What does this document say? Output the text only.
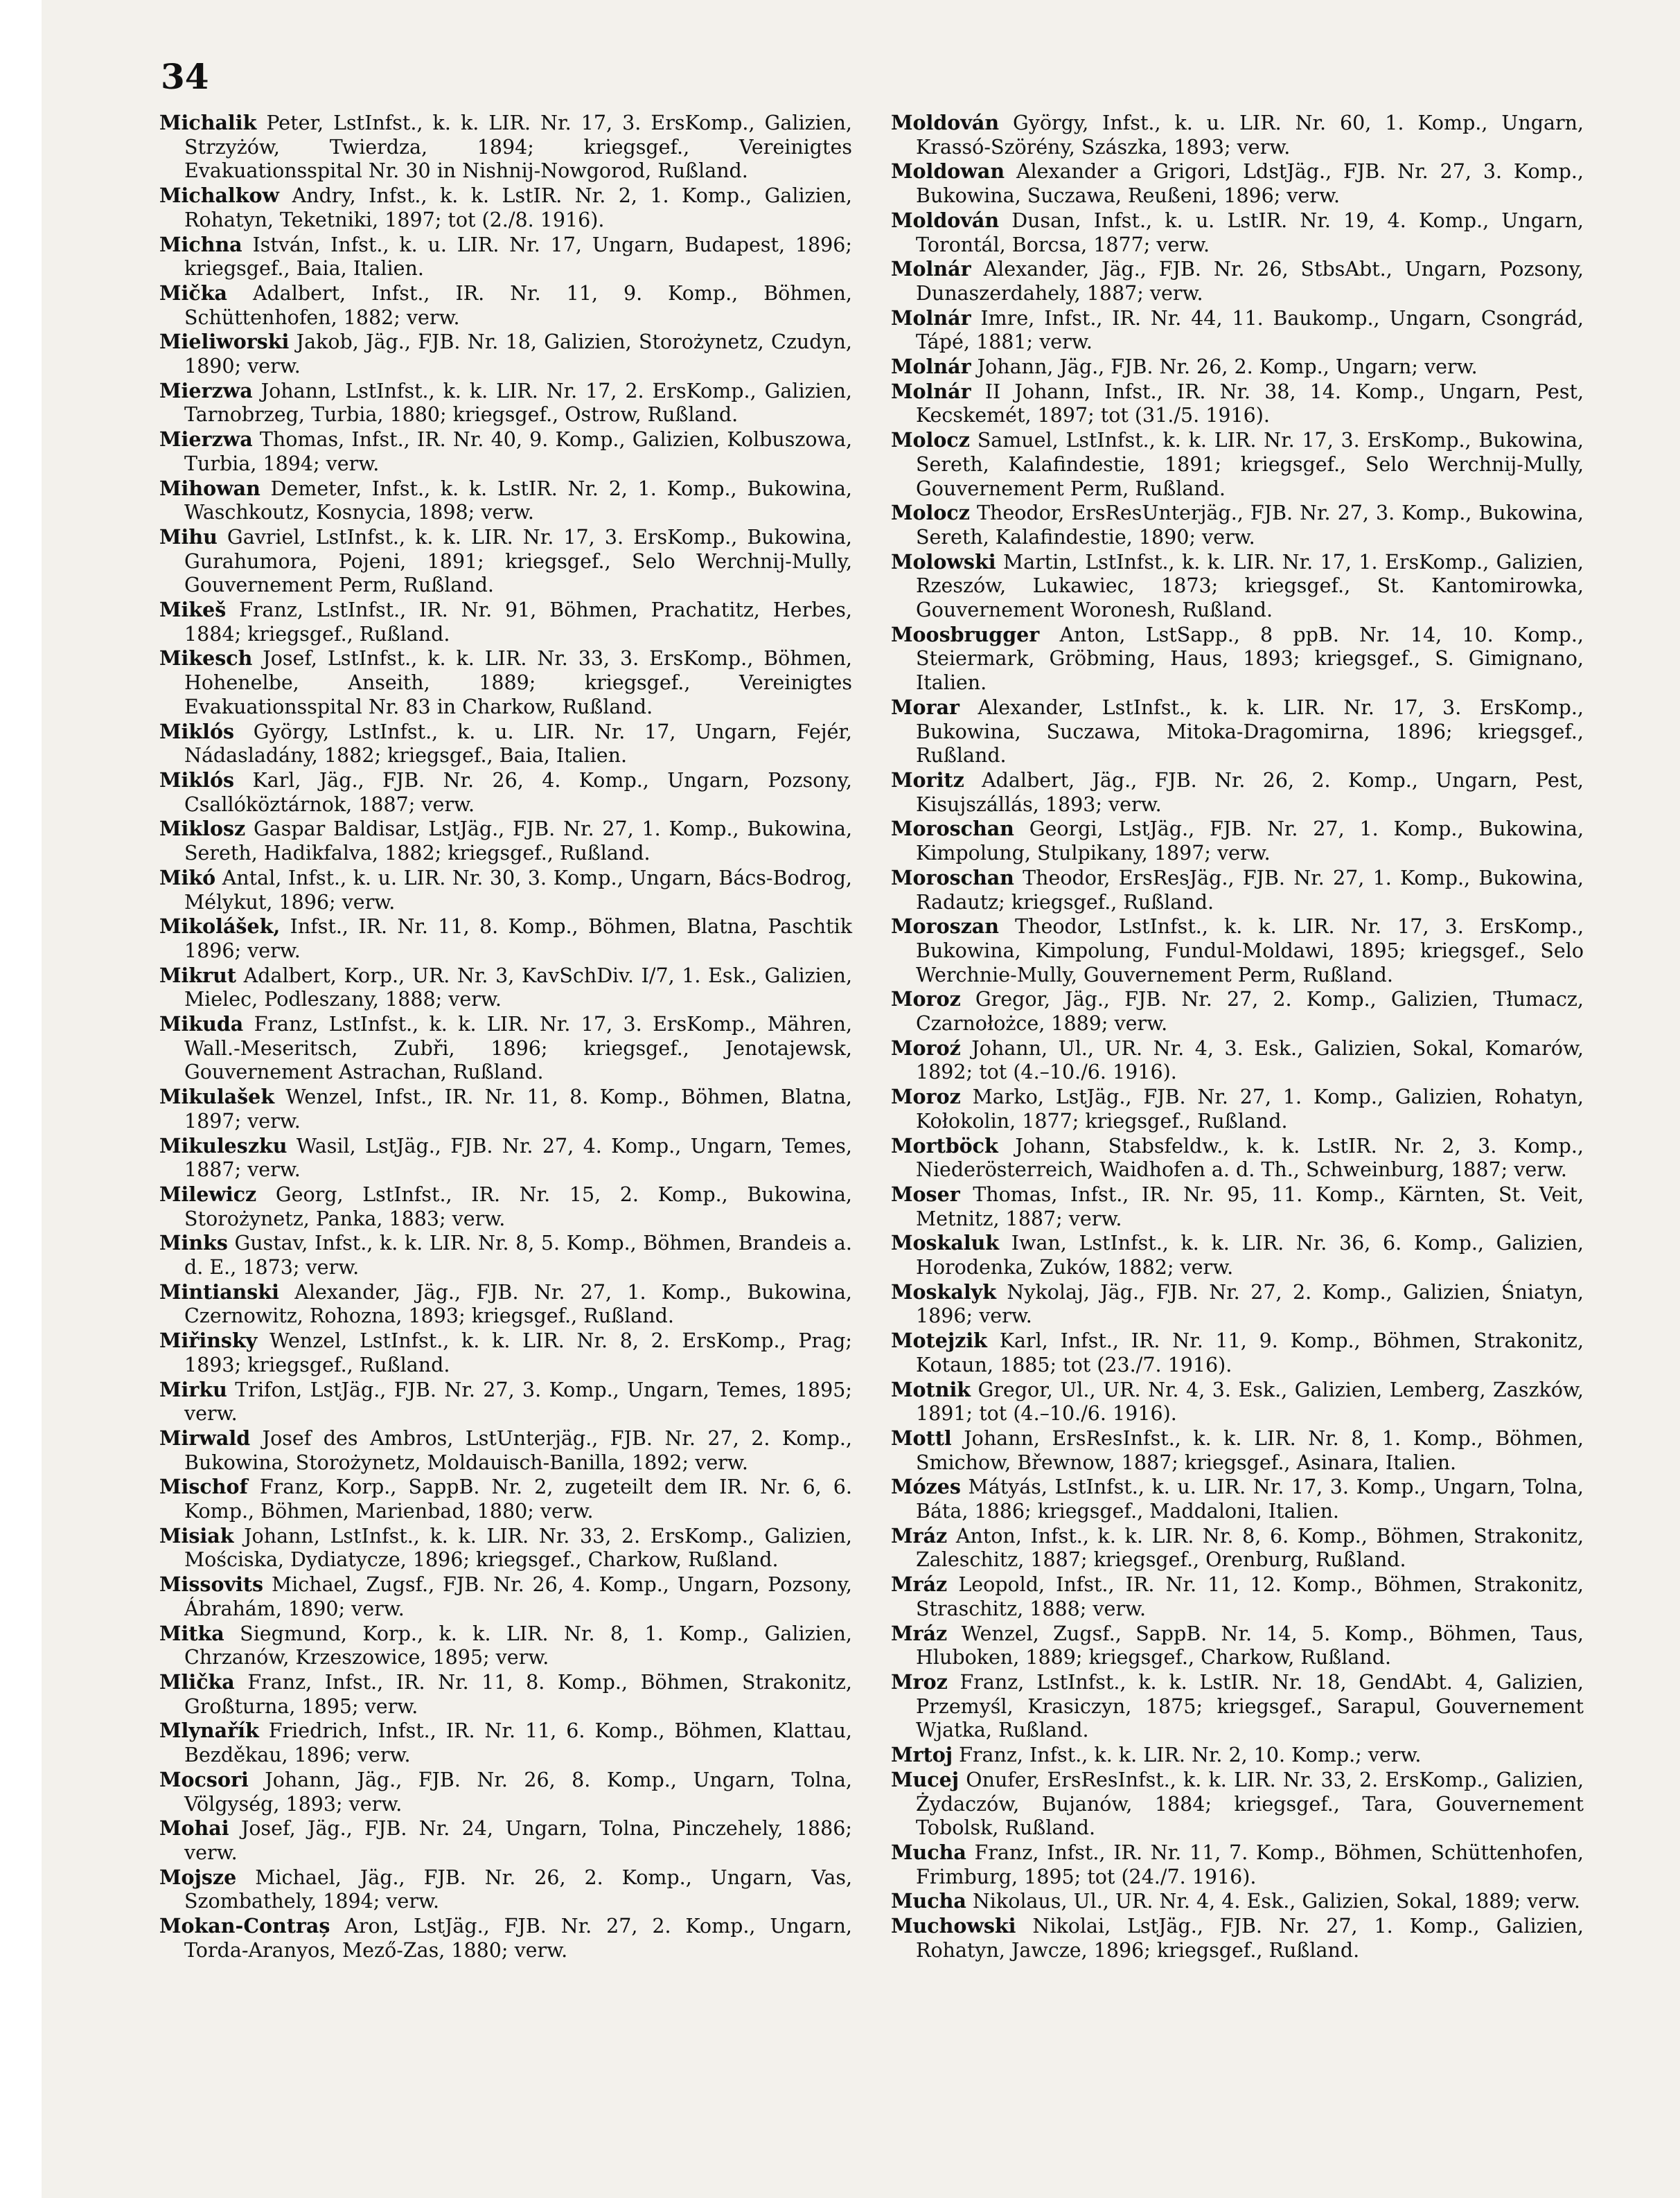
34

Michalik Peter, LstInfst., k. k. LIR. Nr. 17, 3. ErsKomp., Galizien, Strzyżów, Twierdza, 1894; kriegsgef., Vereinigtes Evakuationsspital Nr. 30 in Nishnij-Nowgorod, Rußland.

Michalkow Andry, Infst., k. k. LstIR. Nr. 2, 1. Komp., Galizien, Rohatyn, Teketniki, 1897; tot (2./8. 1916).

Michna István, Infst., k. u. LIR. Nr. 17, Ungarn, Budapest, 1896; kriegsgef., Baia, Italien.

Mička Adalbert, Infst., IR. Nr. 11, 9. Komp., Böhmen, Schüttenhofen, 1882; verw.

Mieliworski Jakob, Jäg., FJB. Nr. 18, Galizien, Storożynetz, Czudyn, 1890; verw.

Mierzwa Johann, LstInfst., k. k. LIR. Nr. 17, 2. ErsKomp., Galizien, Tarnobrzeg, Turbia, 1880; kriegsgef., Ostrow, Rußland.

Mierzwa Thomas, Infst., IR. Nr. 40, 9. Komp., Galizien, Kolbuszowa, Turbia, 1894; verw.

Mihowan Demeter, Infst., k. k. LstIR. Nr. 2, 1. Komp., Bukowina, Waschkoutz, Kosnycia, 1898; verw.

Mihu Gavriel, LstInfst., k. k. LIR. Nr. 17, 3. ErsKomp., Bukowina, Gurahumora, Pojeni, 1891; kriegsgef., Selo Werchnij-Mully, Gouvernement Perm, Rußland.

Mikeš Franz, LstInfst., IR. Nr. 91, Böhmen, Prachatitz, Herbes, 1884; kriegsgef., Rußland.

Mikesch Josef, LstInfst., k. k. LIR. Nr. 33, 3. ErsKomp., Böhmen, Hohenelbe, Anseith, 1889; kriegsgef., Vereinigtes Evakuationsspital Nr. 83 in Charkow, Rußland.

Miklós György, LstInfst., k. u. LIR. Nr. 17, Ungarn, Fejér, Nádasladány, 1882; kriegsgef., Baia, Italien.

Miklós Karl, Jäg., FJB. Nr. 26, 4. Komp., Ungarn, Pozsony, Csallóköztárnok, 1887; verw.

Miklosz Gaspar Baldisar, LstJäg., FJB. Nr. 27, 1. Komp., Bukowina, Sereth, Hadikfalva, 1882; kriegsgef., Rußland.

Mikó Antal, Infst., k. u. LIR. Nr. 30, 3. Komp., Ungarn, Bács-Bodrog, Mélykut, 1896; verw.

Mikolášek, Infst., IR. Nr. 11, 8. Komp., Böhmen, Blatna, Paschtik 1896; verw.

Mikrut Adalbert, Korp., UR. Nr. 3, KavSchDiv. I/7, 1. Esk., Galizien, Mielec, Podleszany, 1888; verw.

Mikuda Franz, LstInfst., k. k. LIR. Nr. 17, 3. ErsKomp., Mähren, Wall.-Meseritsch, Zubři, 1896; kriegsgef., Jenotajewsk, Gouvernement Astrachan, Rußland.

Mikulašek Wenzel, Infst., IR. Nr. 11, 8. Komp., Böhmen, Blatna, 1897; verw.

Mikuleszku Wasil, LstJäg., FJB. Nr. 27, 4. Komp., Ungarn, Temes, 1887; verw.

Milewicz Georg, LstInfst., IR. Nr. 15, 2. Komp., Bukowina, Storożynetz, Panka, 1883; verw.

Minks Gustav, Infst., k. k. LIR. Nr. 8, 5. Komp., Böhmen, Brandeis a. d. E., 1873; verw.

Mintianski Alexander, Jäg., FJB. Nr. 27, 1. Komp., Bukowina, Czernowitz, Rohozna, 1893; kriegsgef., Rußland.

Miřinsky Wenzel, LstInfst., k. k. LIR. Nr. 8, 2. ErsKomp., Prag; 1893; kriegsgef., Rußland.

Mirku Trifon, LstJäg., FJB. Nr. 27, 3. Komp., Ungarn, Temes, 1895; verw.

Mirwald Josef des Ambros, LstUnterjäg., FJB. Nr. 27, 2. Komp., Bukowina, Storożynetz, Moldauisch-Banilla, 1892; verw.

Mischof Franz, Korp., SappB. Nr. 2, zugeteilt dem IR. Nr. 6, 6. Komp., Böhmen, Marienbad, 1880; verw.

Misiak Johann, LstInfst., k. k. LIR. Nr. 33, 2. ErsKomp., Galizien, Mościska, Dydiatycze, 1896; kriegsgef., Charkow, Rußland.

Missovits Michael, Zugsf., FJB. Nr. 26, 4. Komp., Ungarn, Pozsony, Ábrahám, 1890; verw.

Mitka Siegmund, Korp., k. k. LIR. Nr. 8, 1. Komp., Galizien, Chrzanów, Krzeszowice, 1895; verw.

Mlička Franz, Infst., IR. Nr. 11, 8. Komp., Böhmen, Strakonitz, Großturna, 1895; verw.

Mlynařík Friedrich, Infst., IR. Nr. 11, 6. Komp., Böhmen, Klattau, Bezděkau, 1896; verw.

Mocsori Johann, Jäg., FJB. Nr. 26, 8. Komp., Ungarn, Tolna, Völgység, 1893; verw.

Mohai Josef, Jäg., FJB. Nr. 24, Ungarn, Tolna, Pinczehely, 1886; verw.

Mojsze Michael, Jäg., FJB. Nr. 26, 2. Komp., Ungarn, Vas, Szombathely, 1894; verw.

Mokan-Contraș Aron, LstJäg., FJB. Nr. 27, 2. Komp., Ungarn, Torda-Aranyos, Mező-Zas, 1880; verw.

Moldován György, Infst., k. u. LIR. Nr. 60, 1. Komp., Ungarn, Krassó-Szörény, Szászka, 1893; verw.

Moldowan Alexander a Grigori, LdstJäg., FJB. Nr. 27, 3. Komp., Bukowina, Suczawa, Reußeni, 1896; verw.

Moldován Dusan, Infst., k. u. LstIR. Nr. 19, 4. Komp., Ungarn, Torontál, Borcsa, 1877; verw.

Molnár Alexander, Jäg., FJB. Nr. 26, StbsAbt., Ungarn, Pozsony, Dunaszerdahely, 1887; verw.

Molnár Imre, Infst., IR. Nr. 44, 11. Baukomp., Ungarn, Csongrád, Tápé, 1881; verw.

Molnár Johann, Jäg., FJB. Nr. 26, 2. Komp., Ungarn; verw.

Molnár II Johann, Infst., IR. Nr. 38, 14. Komp., Ungarn, Pest, Kecskemét, 1897; tot (31./5. 1916).

Molocz Samuel, LstInfst., k. k. LIR. Nr. 17, 3. ErsKomp., Bukowina, Sereth, Kalafindestie, 1891; kriegsgef., Selo Werchnij-Mully, Gouvernement Perm, Rußland.

Molocz Theodor, ErsResUnterjäg., FJB. Nr. 27, 3. Komp., Bukowina, Sereth, Kalafindestie, 1890; verw.

Molowski Martin, LstInfst., k. k. LIR. Nr. 17, 1. ErsKomp., Galizien, Rzeszów, Lukawiec, 1873; kriegsgef., St. Kantomirowka, Gouvernement Woronesh, Rußland.

Moosbrugger Anton, LstSapp., 8 ppB. Nr. 14, 10. Komp., Steiermark, Gröbming, Haus, 1893; kriegsgef., S. Gimignano, Italien.

Morar Alexander, LstInfst., k. k. LIR. Nr. 17, 3. ErsKomp., Bukowina, Suczawa, Mitoka-Dragomirna, 1896; kriegsgef., Rußland.

Moritz Adalbert, Jäg., FJB. Nr. 26, 2. Komp., Ungarn, Pest, Kisujszállás, 1893; verw.

Moroschan Georgi, LstJäg., FJB. Nr. 27, 1. Komp., Bukowina, Kimpolung, Stulpikany, 1897; verw.

Moroschan Theodor, ErsResJäg., FJB. Nr. 27, 1. Komp., Bukowina, Radautz; kriegsgef., Rußland.

Moroszan Theodor, LstInfst., k. k. LIR. Nr. 17, 3. ErsKomp., Bukowina, Kimpolung, Fundul-Moldawi, 1895; kriegsgef., Selo Werchnie-Mully, Gouvernement Perm, Rußland.

Moroz Gregor, Jäg., FJB. Nr. 27, 2. Komp., Galizien, Tłumacz, Czarnołożce, 1889; verw.

Moroź Johann, Ul., UR. Nr. 4, 3. Esk., Galizien, Sokal, Komarów, 1892; tot (4.–10./6. 1916).

Moroz Marko, LstJäg., FJB. Nr. 27, 1. Komp., Galizien, Rohatyn, Kołokolin, 1877; kriegsgef., Rußland.

Mortböck Johann, Stabsfeldw., k. k. LstIR. Nr. 2, 3. Komp., Niederösterreich, Waidhofen a. d. Th., Schweinburg, 1887; verw.

Moser Thomas, Infst., IR. Nr. 95, 11. Komp., Kärnten, St. Veit, Metnitz, 1887; verw.

Moskaluk Iwan, LstInfst., k. k. LIR. Nr. 36, 6. Komp., Galizien, Horodenka, Zuków, 1882; verw.

Moskalyk Nykolaj, Jäg., FJB. Nr. 27, 2. Komp., Galizien, Śniatyn, 1896; verw.

Motejzik Karl, Infst., IR. Nr. 11, 9. Komp., Böhmen, Strakonitz, Kotaun, 1885; tot (23./7. 1916).

Motnik Gregor, Ul., UR. Nr. 4, 3. Esk., Galizien, Lemberg, Zaszków, 1891; tot (4.–10./6. 1916).

Mottl Johann, ErsResInfst., k. k. LIR. Nr. 8, 1. Komp., Böhmen, Smichow, Břewnow, 1887; kriegsgef., Asinara, Italien.

Mózes Mátyás, LstInfst., k. u. LIR. Nr. 17, 3. Komp., Ungarn, Tolna, Báta, 1886; kriegsgef., Maddaloni, Italien.

Mráz Anton, Infst., k. k. LIR. Nr. 8, 6. Komp., Böhmen, Strakonitz, Zaleschitz, 1887; kriegsgef., Orenburg, Rußland.

Mráz Leopold, Infst., IR. Nr. 11, 12. Komp., Böhmen, Strakonitz, Straschitz, 1888; verw.

Mráz Wenzel, Zugsf., SappB. Nr. 14, 5. Komp., Böhmen, Taus, Hluboken, 1889; kriegsgef., Charkow, Rußland.

Mroz Franz, LstInfst., k. k. LstIR. Nr. 18, GendAbt. 4, Galizien, Przemyśl, Krasiczyn, 1875; kriegsgef., Sarapul, Gouvernement Wjatka, Rußland.

Mrtoj Franz, Infst., k. k. LIR. Nr. 2, 10. Komp.; verw.

Mucej Onufer, ErsResInfst., k. k. LIR. Nr. 33, 2. ErsKomp., Galizien, Żydaczów, Bujanów, 1884; kriegsgef., Tara, Gouvernement Tobolsk, Rußland.

Mucha Franz, Infst., IR. Nr. 11, 7. Komp., Böhmen, Schüttenhofen, Frimburg, 1895; tot (24./7. 1916).

Mucha Nikolaus, Ul., UR. Nr. 4, 4. Esk., Galizien, Sokal, 1889; verw.

Muchowski Nikolai, LstJäg., FJB. Nr. 27, 1. Komp., Galizien, Rohatyn, Jawcze, 1896; kriegsgef., Rußland.
